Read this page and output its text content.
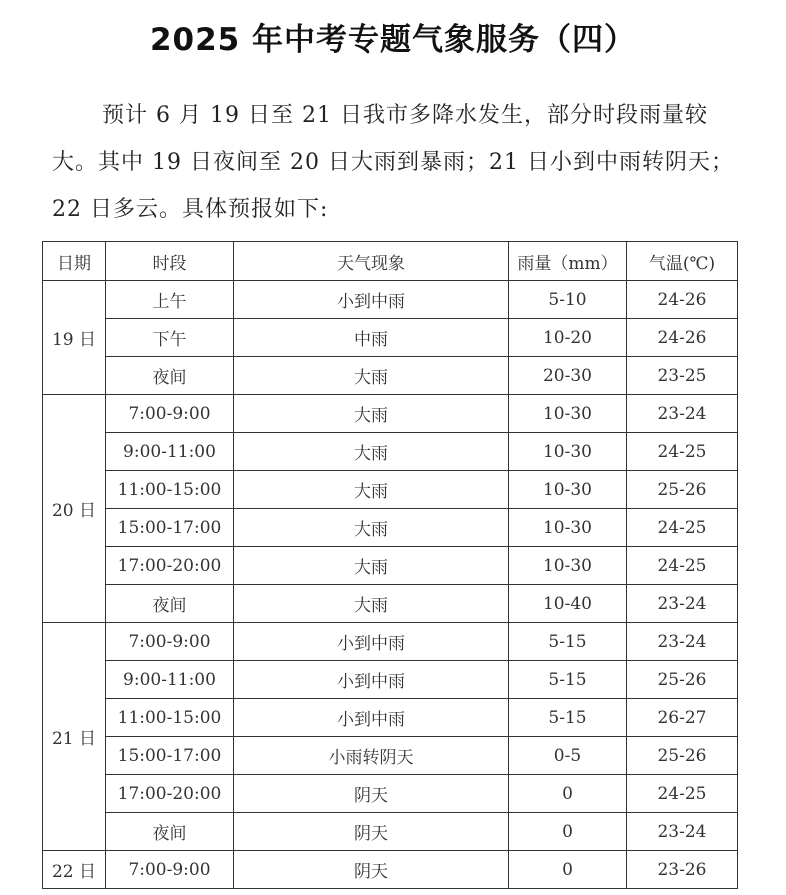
2025 年中考专题气象服务（四）

预计 6 月 19 日至 21 日我市多降水发生，部分时段雨量较大。其中 19 日夜间至 20 日大雨到暴雨；21 日小到中雨转阴天；22 日多云。具体预报如下:

日期	时段	天气现象	雨量（mm）	气温(℃)
19 日	上午	小到中雨	5-10	24-26
	下午	中雨	10-20	24-26
	夜间	大雨	20-30	23-25
20 日	7:00-9:00	大雨	10-30	23-24
	9:00-11:00	大雨	10-30	24-25
	11:00-15:00	大雨	10-30	25-26
	15:00-17:00	大雨	10-30	24-25
	17:00-20:00	大雨	10-30	24-25
	夜间	大雨	10-40	23-24
21 日	7:00-9:00	小到中雨	5-15	23-24
	9:00-11:00	小到中雨	5-15	25-26
	11:00-15:00	小到中雨	5-15	26-27
	15:00-17:00	小雨转阴天	0-5	25-26
	17:00-20:00	阴天	0	24-25
	夜间	阴天	0	23-24
22 日	7:00-9:00	阴天	0	23-26
